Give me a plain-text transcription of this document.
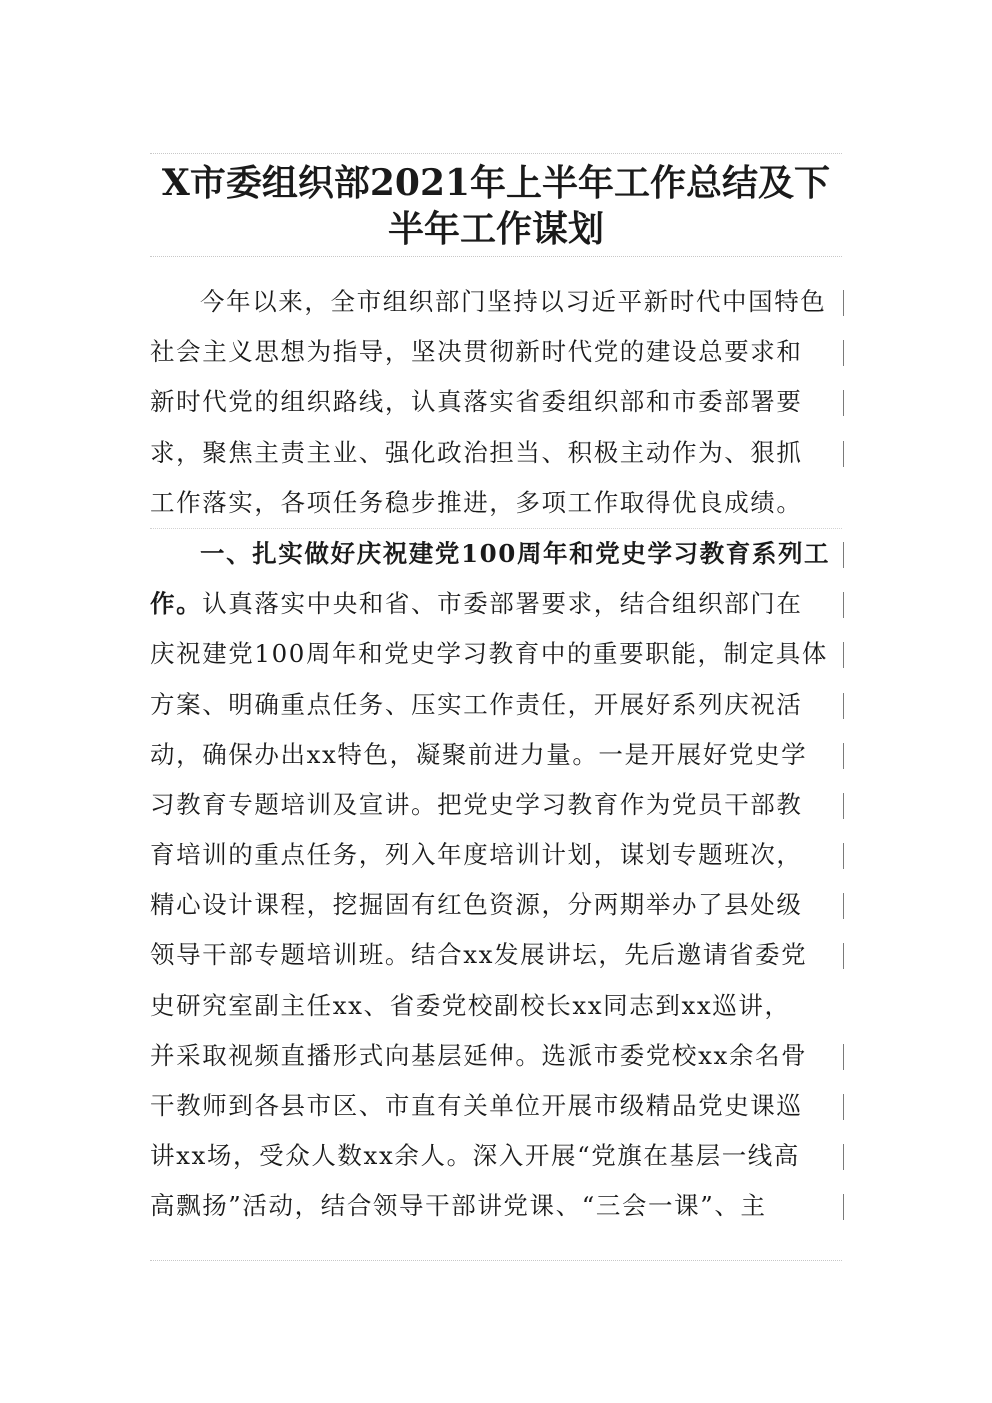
X市委组织部2021年上半年工作总结及下
半年工作谋划
今年以来，全市组织部门坚持以习近平新时代中国特色
社会主义思想为指导，坚决贯彻新时代党的建设总要求和
新时代党的组织路线，认真落实省委组织部和市委部署要
求，聚焦主责主业、强化政治担当、积极主动作为、狠抓
工作落实，各项任务稳步推进，多项工作取得优良成绩。
一、扎实做好庆祝建党100周年和党史学习教育系列工
作。认真落实中央和省、市委部署要求，结合组织部门在
庆祝建党100周年和党史学习教育中的重要职能，制定具体
方案、明确重点任务、压实工作责任，开展好系列庆祝活
动，确保办出xx特色，凝聚前进力量。一是开展好党史学
习教育专题培训及宣讲。把党史学习教育作为党员干部教
育培训的重点任务，列入年度培训计划，谋划专题班次，
精心设计课程，挖掘固有红色资源，分两期举办了县处级
领导干部专题培训班。结合xx发展讲坛，先后邀请省委党
史研究室副主任xx、省委党校副校长xx同志到xx巡讲，
并采取视频直播形式向基层延伸。选派市委党校xx余名骨
干教师到各县市区、市直有关单位开展市级精品党史课巡
讲xx场，受众人数xx余人。深入开展“党旗在基层一线高
高飘扬”活动，结合领导干部讲党课、“三会一课”、主
